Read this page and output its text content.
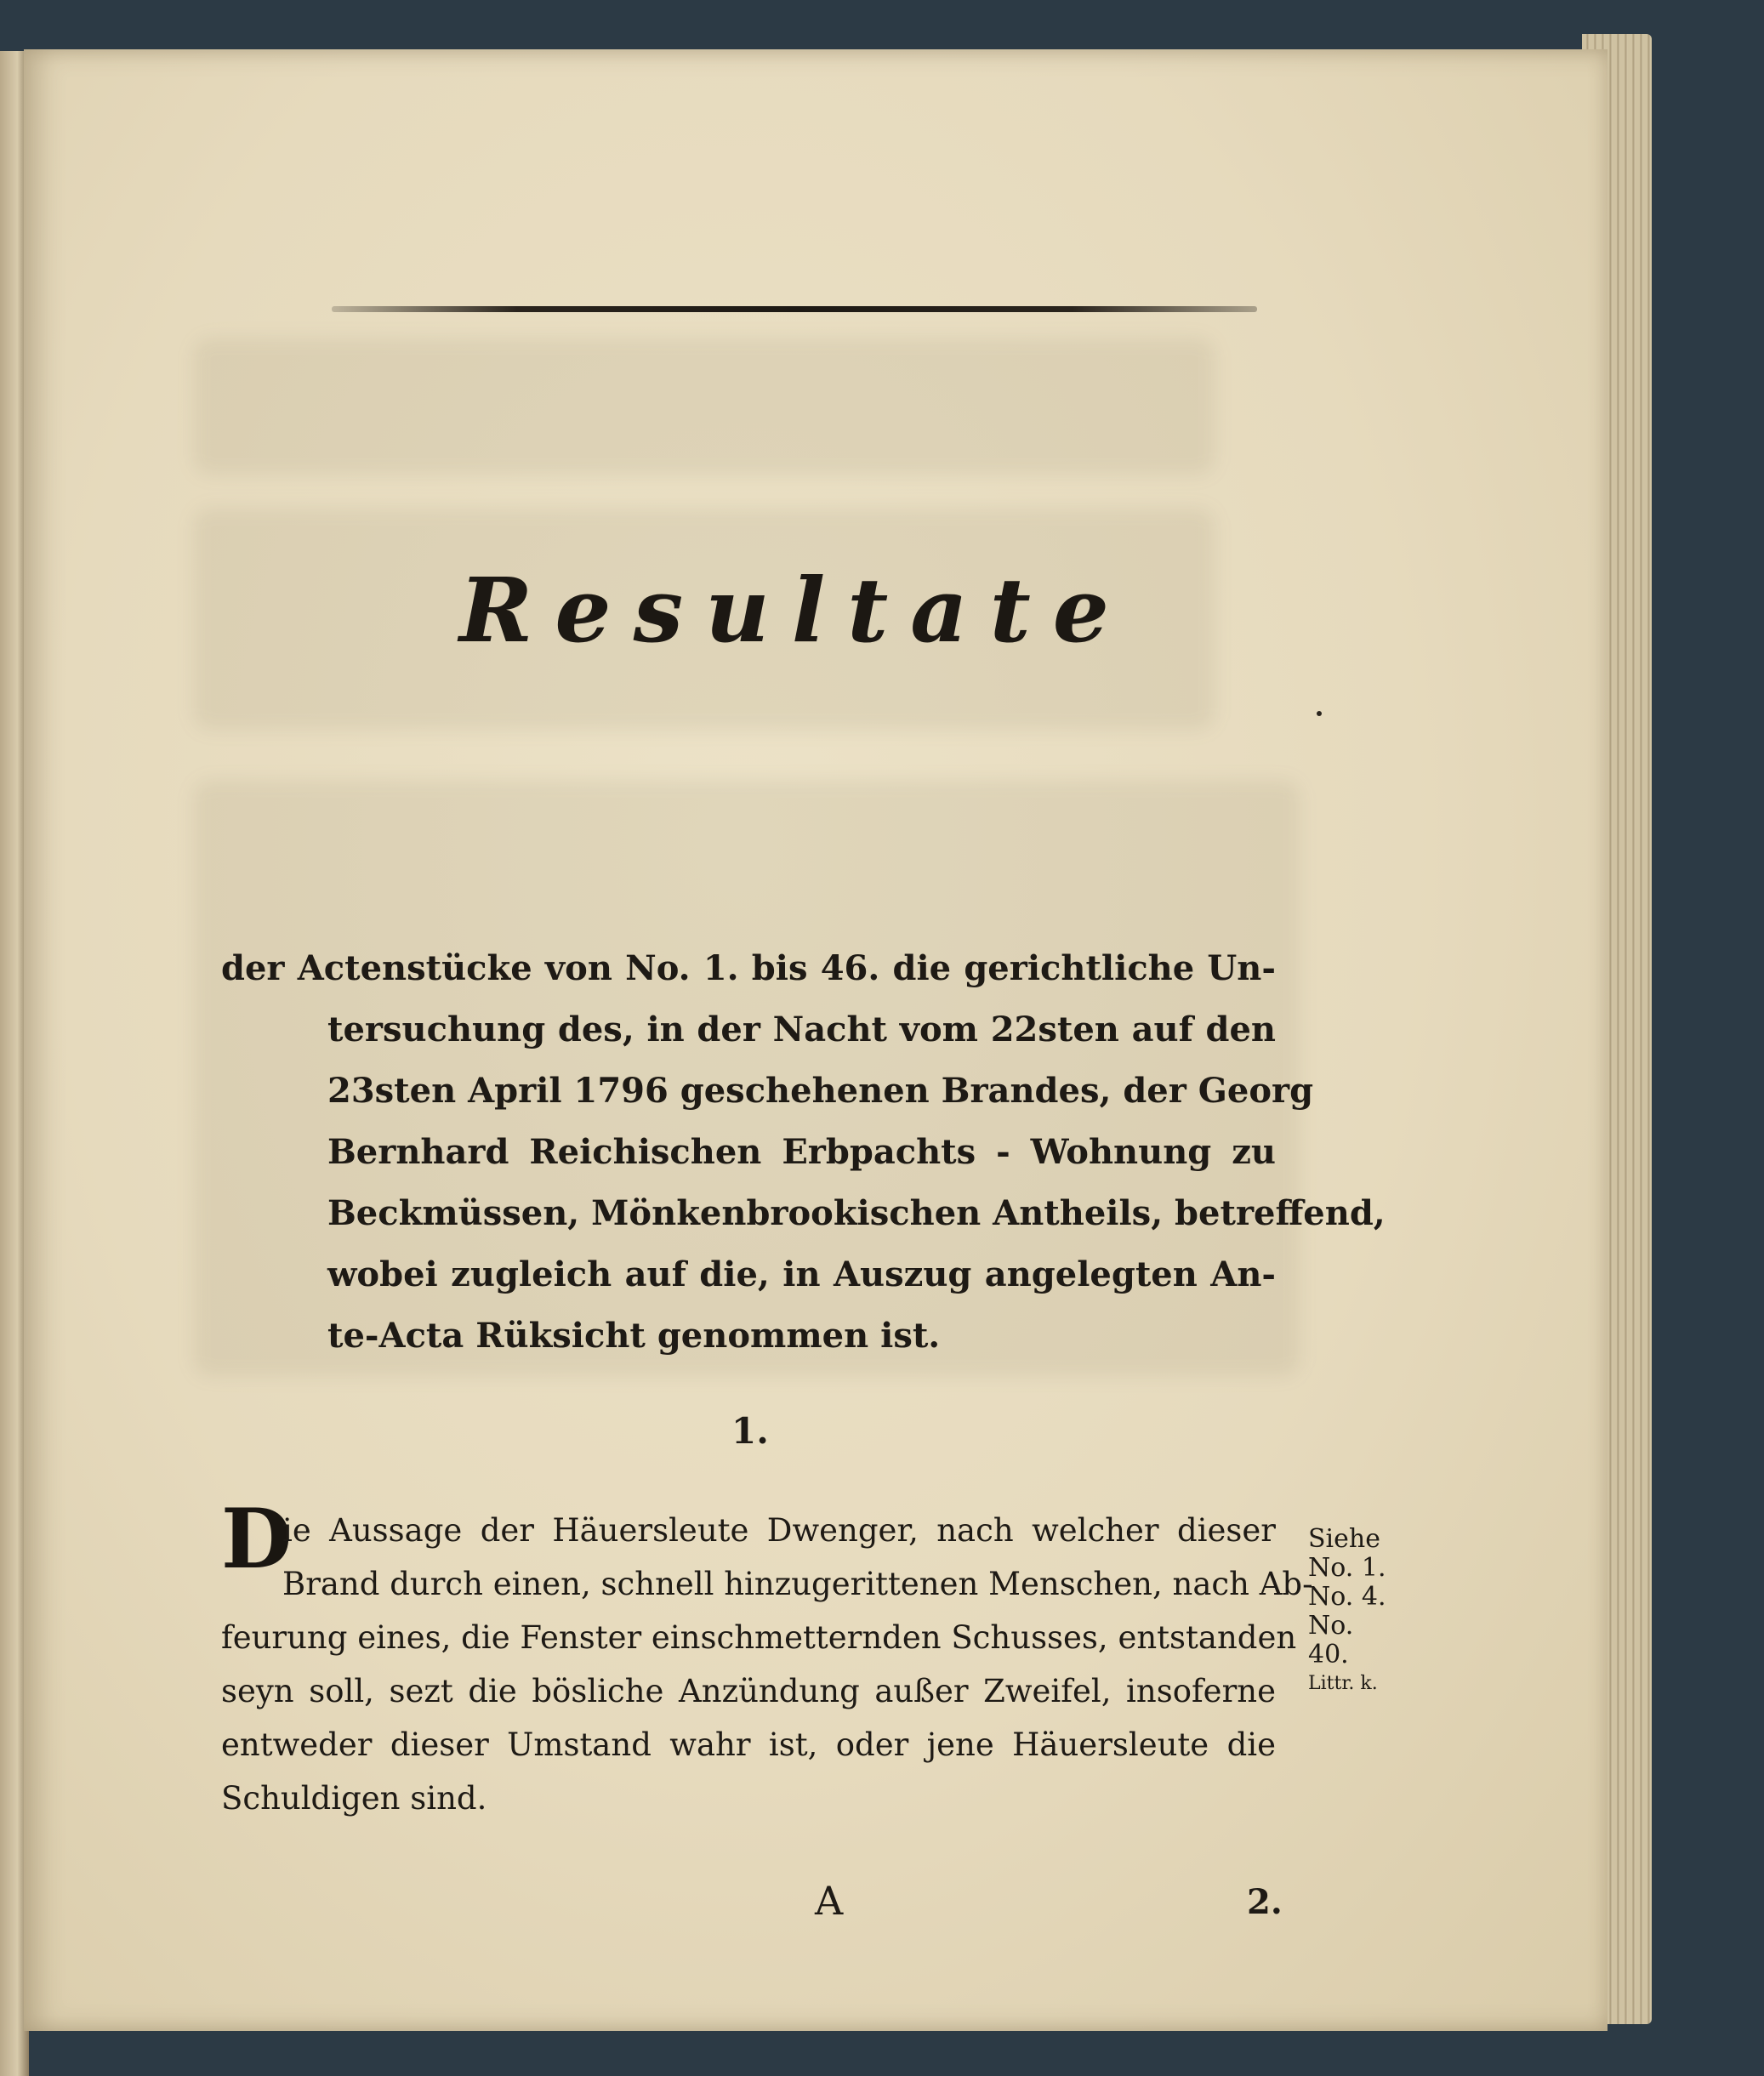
Resultate
der Actenstücke von No. 1. bis 46. die gerichtliche Un-
tersuchung des, in der Nacht vom 22sten auf den
23sten April 1796 geschehenen Brandes, der Georg
Bernhard Reichischen Erbpachts - Wohnung zu
Beckmüssen, Mönkenbrookischen Antheils, betreffend,
wobei zugleich auf die, in Auszug angelegten An-
te-Acta Rüksicht genommen ist.
1.
D
ie Aussage der Häuersleute Dwenger, nach welcher dieser
Brand durch einen, schnell hinzugerittenen Menschen, nach Ab-
feurung eines, die Fenster einschmetternden Schusses, entstanden
seyn soll, sezt die bösliche Anzündung außer Zweifel, insoferne
entweder dieser Umstand wahr ist, oder jene Häuersleute die
Schuldigen sind.
Siehe
No. 1.
No. 4.
No. 40.
Littr. k.
A	2.
